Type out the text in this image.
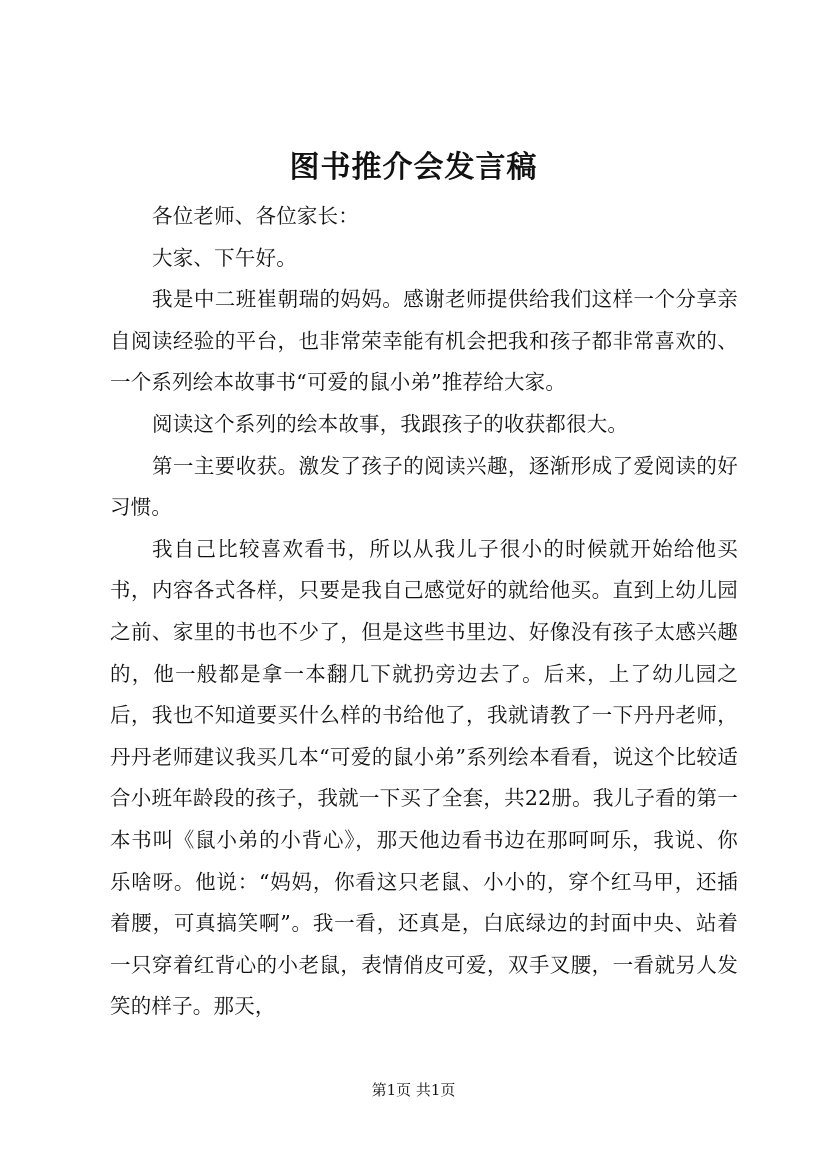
图书推介会发言稿

各位老师、各位家长：

大家、下午好。

我是中二班崔朝瑞的妈妈。感谢老师提供给我们这样一个分享亲自阅读经验的平台，也非常荣幸能有机会把我和孩子都非常喜欢的、一个系列绘本故事书“可爱的鼠小弟”推荐给大家。

阅读这个系列的绘本故事，我跟孩子的收获都很大。

第一主要收获。激发了孩子的阅读兴趣，逐渐形成了爱阅读的好习惯。

我自己比较喜欢看书，所以从我儿子很小的时候就开始给他买书，内容各式各样，只要是我自己感觉好的就给他买。直到上幼儿园之前、家里的书也不少了，但是这些书里边、好像没有孩子太感兴趣的，他一般都是拿一本翻几下就扔旁边去了。后来，上了幼儿园之后，我也不知道要买什么样的书给他了，我就请教了一下丹丹老师，丹丹老师建议我买几本“可爱的鼠小弟”系列绘本看看，说这个比较适合小班年龄段的孩子，我就一下买了全套，共22册。我儿子看的第一本书叫《鼠小弟的小背心》，那天他边看书边在那呵呵乐，我说、你乐啥呀。他说：“妈妈，你看这只老鼠、小小的，穿个红马甲，还插着腰，可真搞笑啊”。我一看，还真是，白底绿边的封面中央、站着一只穿着红背心的小老鼠，表情俏皮可爱，双手叉腰，一看就另人发笑的样子。那天，

第1页 共1页
